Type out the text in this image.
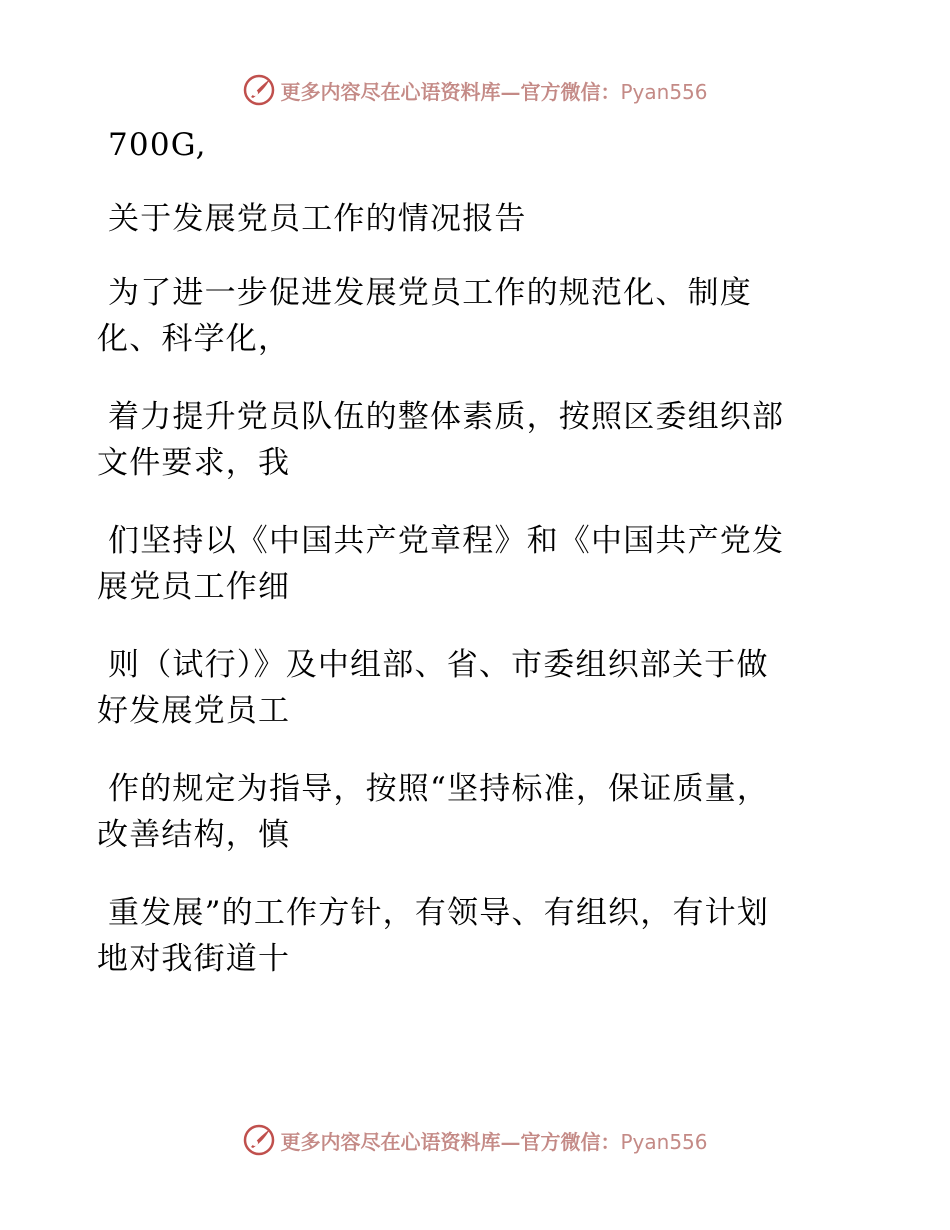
更多内容尽在心语资料库—官方微信：Pyan556
700G,
关于发展党员工作的情况报告
为了进一步促进发展党员工作的规范化、制度
化、科学化，
着力提升党员队伍的整体素质，按照区委组织部
文件要求，我
们坚持以《中国共产党章程》和《中国共产党发
展党员工作细
则（试行）》及中组部、省、市委组织部关于做
好发展党员工
作的规定为指导，按照“坚持标准，保证质量，
改善结构，慎
重发展”的工作方针，有领导、有组织，有计划
地对我街道十
更多内容尽在心语资料库—官方微信：Pyan556
